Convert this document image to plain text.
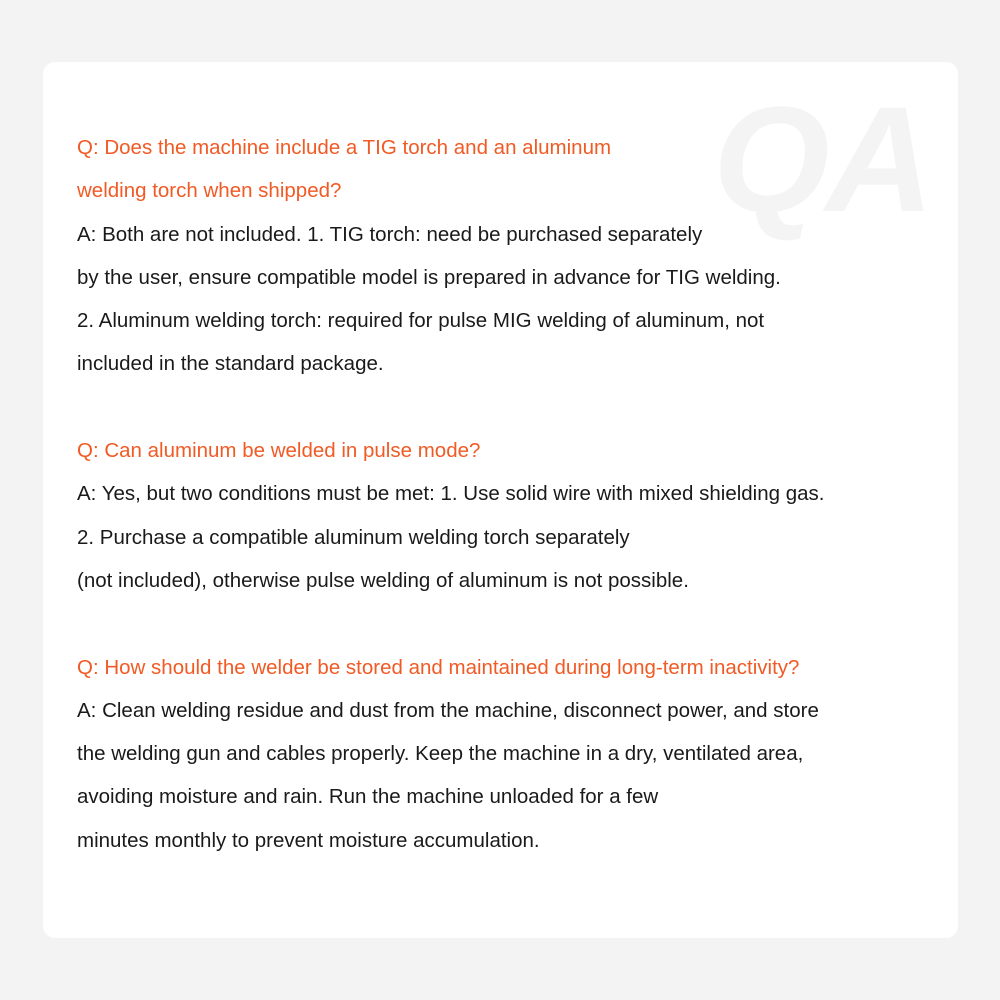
QA
Q: Does the machine include a TIG torch and an aluminum
welding torch when shipped?
A: Both are not included. 1. TIG torch: need be purchased separately
by the user, ensure compatible model is prepared in advance for TIG welding.
2. Aluminum welding torch: required for pulse MIG welding of aluminum, not
included in the standard package.
Q: Can aluminum be welded in pulse mode?
A: Yes, but two conditions must be met: 1. Use solid wire with mixed shielding gas.
2. Purchase a compatible aluminum welding torch separately
(not included), otherwise pulse welding of aluminum is not possible.
Q: How should the welder be stored and maintained during long-term inactivity?
A: Clean welding residue and dust from the machine, disconnect power, and store
the welding gun and cables properly. Keep the machine in a dry, ventilated area,
avoiding moisture and rain. Run the machine unloaded for a few
minutes monthly to prevent moisture accumulation.
